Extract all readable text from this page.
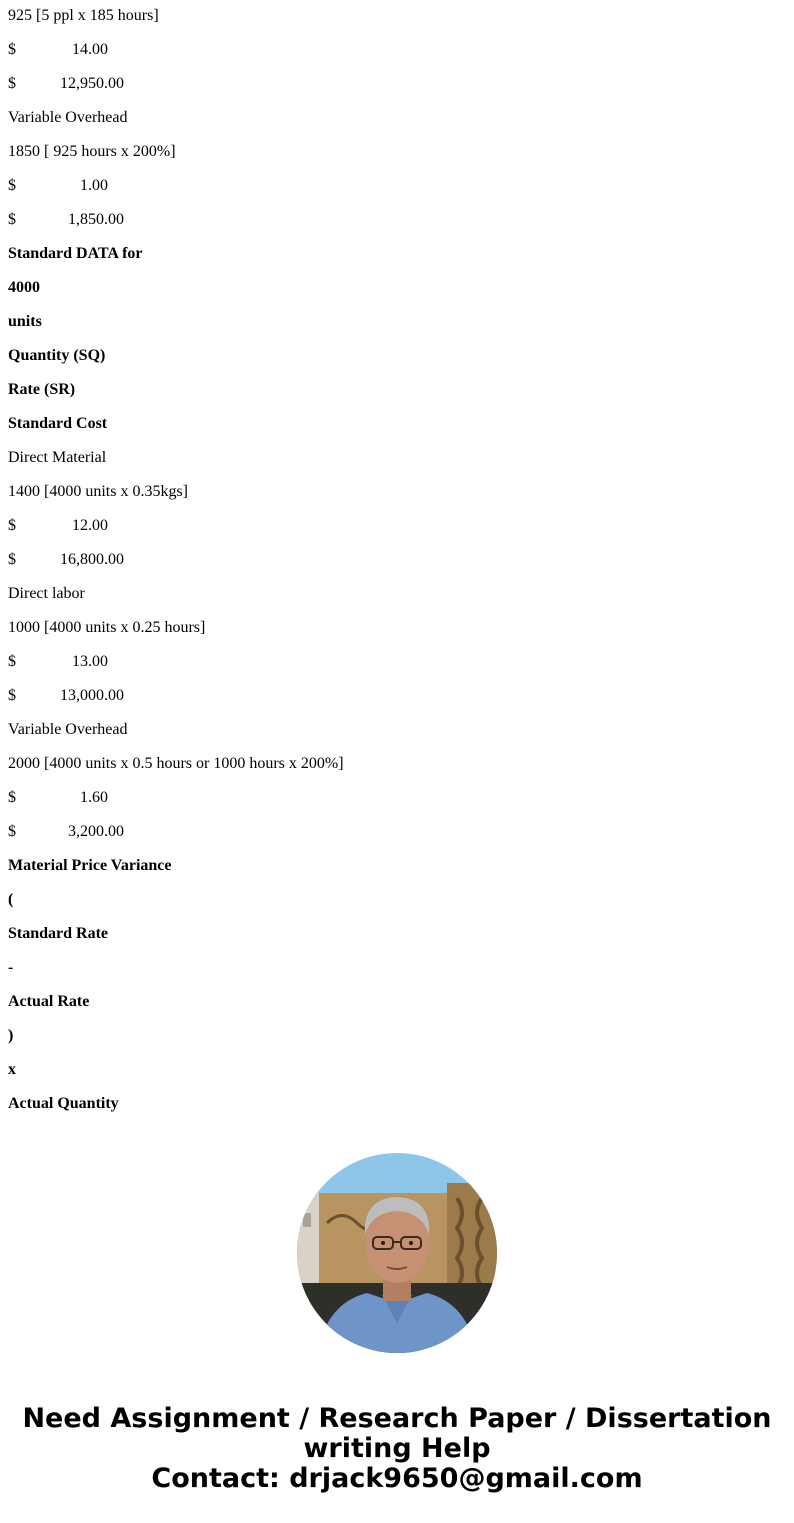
925 [5 ppl x 185 hours]
$              14.00
$           12,950.00
Variable Overhead
1850 [ 925 hours x 200%]
$                1.00
$             1,850.00
Standard DATA for
4000
units
Quantity (SQ)
Rate (SR)
Standard Cost
Direct Material
1400 [4000 units x 0.35kgs]
$              12.00
$           16,800.00
Direct labor
1000 [4000 units x 0.25 hours]
$              13.00
$           13,000.00
Variable Overhead
2000 [4000 units x 0.5 hours or 1000 hours x 200%]
$                1.60
$             3,200.00
Material Price Variance
(
Standard Rate
-
Actual Rate
)
x
Actual Quantity
Need Assignment / Research Paper / Dissertation
writing Help
Contact: drjack9650@gmail.com
